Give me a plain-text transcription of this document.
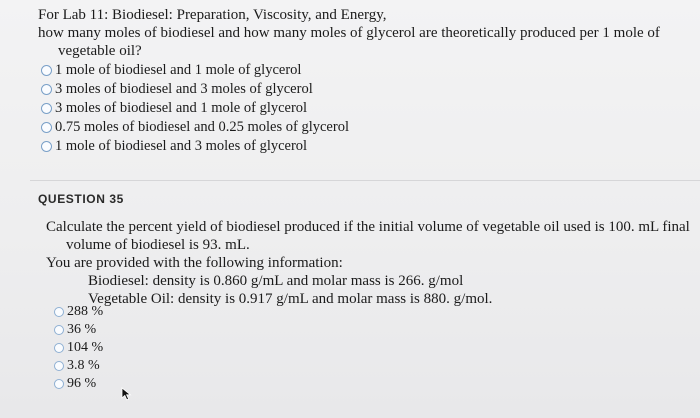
For Lab 11: Biodiesel: Preparation, Viscosity, and Energy,
how many moles of biodiesel and how many moles of glycerol are theoretically produced per 1 mole of
vegetable oil?
1 mole of biodiesel and 1 mole of glycerol
3 moles of biodiesel and 3 moles of glycerol
3 moles of biodiesel and 1 mole of glycerol
0.75 moles of biodiesel and 0.25 moles of glycerol
1 mole of biodiesel and 3 moles of glycerol
QUESTION 35
Calculate the percent yield of biodiesel produced if the initial volume of vegetable oil used is 100. mL final
volume of biodiesel is 93. mL.
You are provided with the following information:
Biodiesel: density is 0.860 g/mL and molar mass is 266. g/mol
Vegetable Oil: density is 0.917 g/mL and molar mass is 880. g/mol.
288 %
36 %
104 %
3.8 %
96 %
